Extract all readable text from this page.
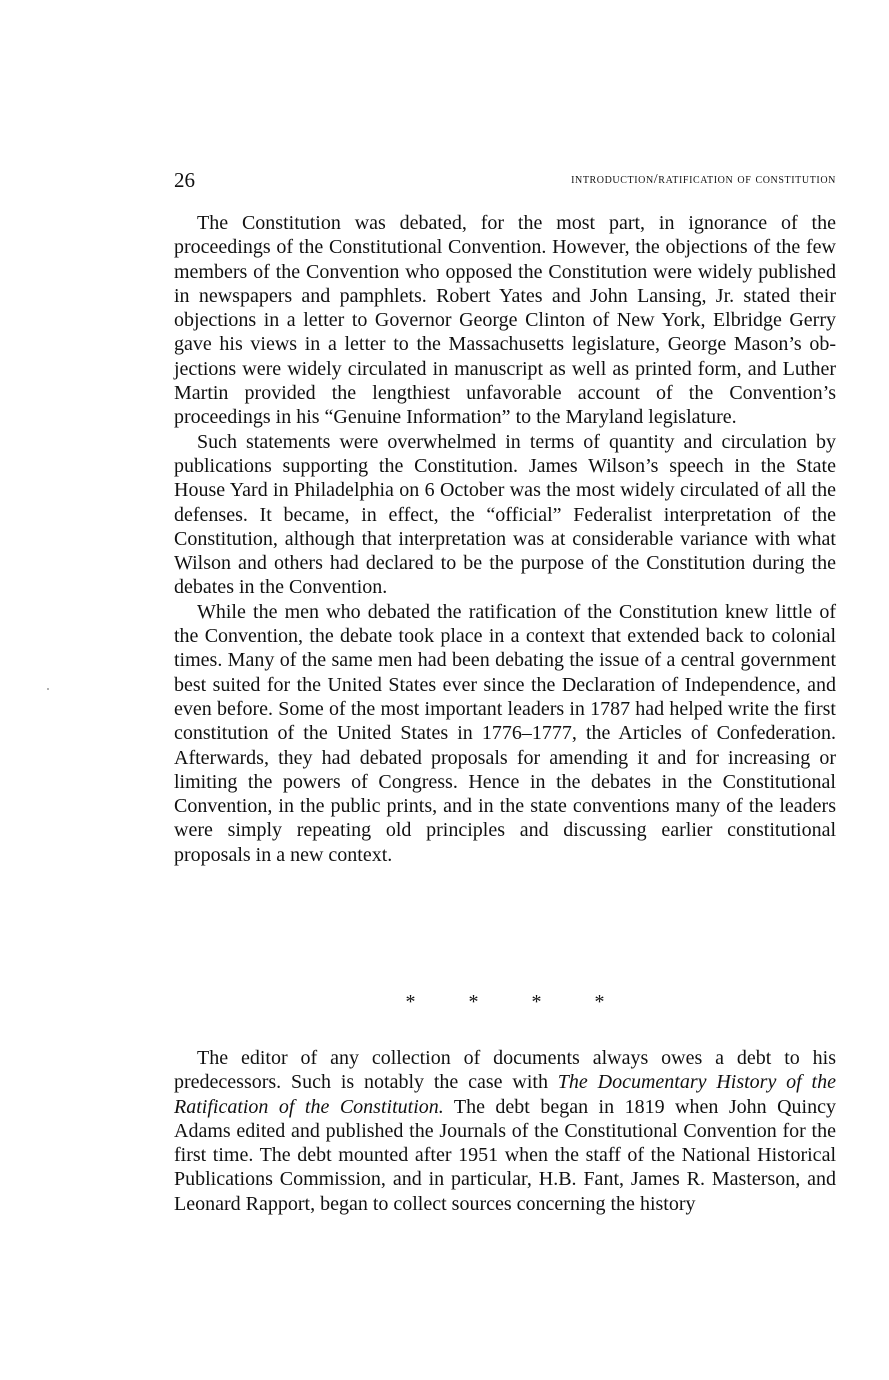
26	introduction/ratification of constitution

The Constitution was debated, for the most part, in ignorance of the proceedings of the Constitutional Convention. However, the objections of the few members of the Convention who opposed the Constitution were widely published in newspapers and pamphlets. Robert Yates and John Lansing, Jr. stated their objections in a letter to Governor George Clinton of New York, Elbridge Gerry gave his views in a letter to the Massachusetts legislature, George Mason’s objections were widely circulated in manuscript as well as printed form, and Luther Martin provided the lengthiest unfavorable account of the Convention’s proceedings in his “Genuine Information” to the Maryland legislature.

Such statements were overwhelmed in terms of quantity and circulation by publications supporting the Constitution. James Wilson’s speech in the State House Yard in Philadelphia on 6 October was the most widely circulated of all the defenses. It became, in effect, the “official” Federalist interpretation of the Constitution, although that interpretation was at considerable variance with what Wilson and others had declared to be the purpose of the Constitution during the debates in the Convention.

While the men who debated the ratification of the Constitution knew little of the Convention, the debate took place in a context that extended back to colonial times. Many of the same men had been debating the issue of a central government best suited for the United States ever since the Declaration of Independence, and even before. Some of the most important leaders in 1787 had helped write the first constitution of the United States in 1776–1777, the Articles of Confederation. Afterwards, they had debated proposals for amending it and for increasing or limiting the powers of Congress. Hence in the debates in the Constitutional Convention, in the public prints, and in the state conventions many of the leaders were simply repeating old principles and discussing earlier constitutional proposals in a new context.

*	*	*	*

The editor of any collection of documents always owes a debt to his predecessors. Such is notably the case with The Documentary History of the Ratification of the Constitution. The debt began in 1819 when John Quincy Adams edited and published the Journals of the Constitutional Convention for the first time. The debt mounted after 1951 when the staff of the National Historical Publications Commission, and in particular, H.B. Fant, James R. Masterson, and Leonard Rapport, began to collect sources concerning the history
